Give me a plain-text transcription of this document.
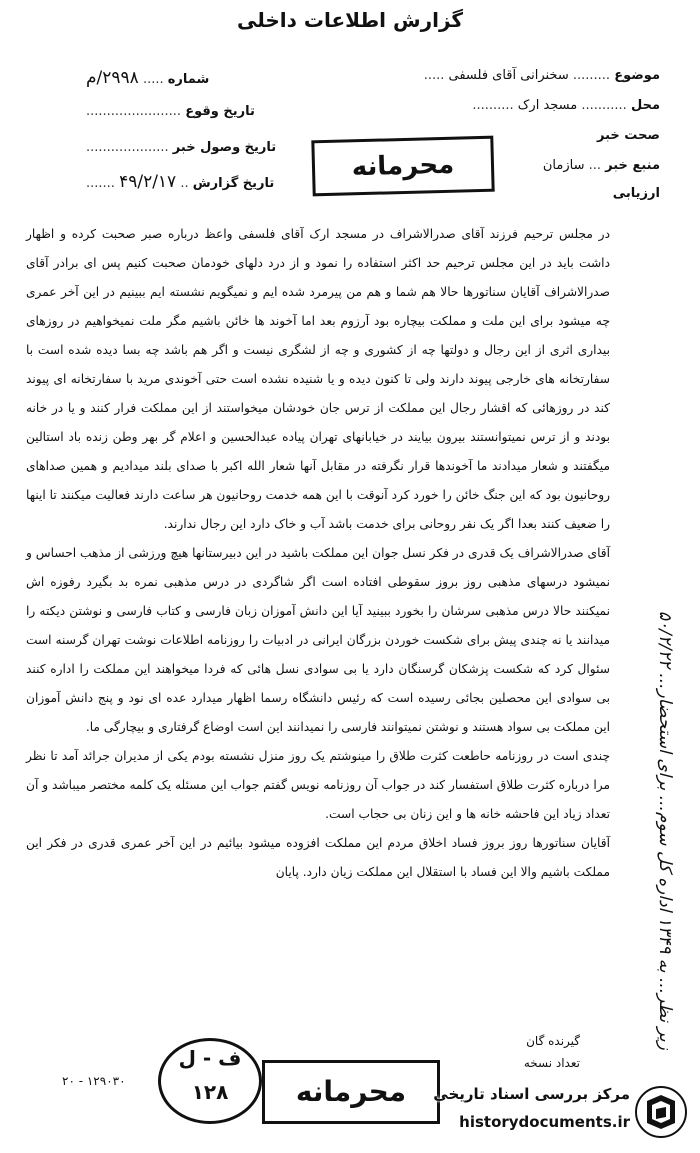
گزارش اطلاعات داخلی
موضوع ......... سخنرانی آقای فلسفی .....
محل ........... مسجد ارک ..........
صحت خبر
منبع خبر ... سازمان
ارزیابی
شماره ..... ۲۹۹۸/م
تاریخ وقوع .......................
تاریخ وصول خبر ....................
تاریخ گزارش .. ۴۹/۲/۱۷ .......
محرمانه

در مجلس ترحیم فرزند آقای صدرالاشراف در مسجد ارک آقای فلسفی واعظ درباره صبر صحبت کرده و اظهار داشت باید در این مجلس ترحیم حد اکثر استفاده را نمود و از درد دلهای خودمان صحبت کنیم پس ای برادر آقای صدرالاشراف آقایان سناتورها حالا هم شما و هم من پیرمرد شده ایم و نمیگویم نشسته ایم ببینیم در این آخر عمری چه میشود برای این ملت و مملکت بیچاره بود آرزوم بعد اما آخوند ها خائن باشیم مگر ملت نمیخواهیم در روزهای بیداری اثری از این رجال و دولتها چه از کشوری و چه از لشگری نیست و اگر هم باشد چه بسا دیده شده است با سفارتخانه های خارجی پیوند دارند ولی تا کنون دیده و یا شنیده نشده است حتی آخوندی مرید با سفارتخانه ای پیوند کند در روزهائی که اقشار رجال این مملکت از ترس جان خودشان میخواستند از این مملکت فرار کنند و یا در خانه بودند و از ترس نمیتوانستند بیرون بیایند در خیابانهای تهران پیاده عبدالحسین و اعلام گر بهر وطن زنده باد استالین میگفتند و شعار میدادند ما آخوندها قرار نگرفته در مقابل آنها شعار الله اکبر با صدای بلند میدادیم و همین صداهای روحانیون بود که این جنگ خائن را خورد کرد آنوقت با این همه خدمت روحانیون هر ساعت دارند فعالیت میکنند تا اینها را ضعیف کنند بعدا اگر یک نفر روحانی برای خدمت باشد آب و خاک دارد این رجال ندارند.

آقای صدرالاشراف یک قدری در فکر نسل جوان این مملکت باشید در این دبیرستانها هیچ ورزشی از مذهب احساس و نمیشود درسهای مذهبی روز بروز سقوطی افتاده است اگر شاگردی در درس مذهبی نمره بد بگیرد رفوزه اش نمیکنند حالا درس مذهبی سرشان را بخورد ببینید آیا این دانش آموزان زبان فارسی و کتاب فارسی و نوشتن دیکته را میدانند یا نه چندی پیش برای شکست خوردن بزرگان ایرانی در ادبیات را روزنامه اطلاعات نوشت تهران گرسنه است سئوال کرد که شکست پزشکان گرسنگان دارد یا بی سوادی نسل هائی که فردا میخواهند این مملکت را اداره کنند بی سوادی این محصلین بجائی رسیده است که رئیس دانشگاه رسما اظهار میدارد عده ای نود و پنج دانش آموزان این مملکت بی سواد هستند و نوشتن نمیتوانند فارسی را نمیدانند این است اوضاع گرفتاری و بیچارگی ما.

چندی است در روزنامه حاطعت کثرت طلاق را مینوشتم یک روز منزل نشسته بودم یکی از مدیران جرائد آمد تا نظر مرا درباره کثرت طلاق استفسار کند در جواب آن روزنامه نویس گفتم جواب این مسئله یک کلمه مختصر میباشد و آن تعداد زیاد این فاحشه خانه ها و این زنان بی حجاب است.

آقایان سناتورها روز بروز فساد اخلاق مردم این مملکت افزوده میشود بیائیم در این آخر عمری قدری در فکر این مملکت باشیم والا این فساد با استقلال این مملکت زیان دارد. پایان

زیر نظر... به ۱۳۴۹ اداره کل سوم... برای استحضار... ۵۰/۲/۲۲
گیرنده گان
تعداد نسخه
محرمانه
ف - ل
۱۲۸
۱۲۹۰۳۰ - ۲۰
مرکز بررسی اسناد تاریخی
historydocuments.ir
